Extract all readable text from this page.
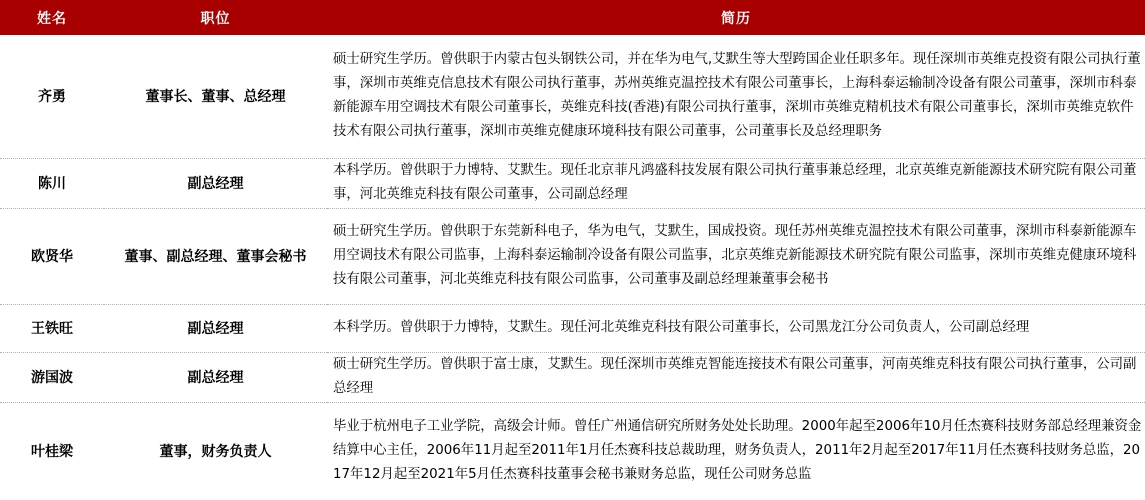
姓名	职位	简历
齐勇	董事长、董事、总经理	硕士研究生学历。曾供职于内蒙古包头钢铁公司，并在华为电气,艾默生等大型跨国企业任职多年。现任深圳市英维克投资有限公司执行董事，深圳市英维克信息技术有限公司执行董事，苏州英维克温控技术有限公司董事长，上海科泰运输制冷设备有限公司董事，深圳市科泰新能源车用空调技术有限公司董事长，英维克科技(香港)有限公司执行董事，深圳市英维克精机技术有限公司董事长，深圳市英维克软件技术有限公司执行董事，深圳市英维克健康环境科技有限公司董事，公司董事长及总经理职务
陈川	副总经理	本科学历。曾供职于力博特、艾默生。现任北京菲凡鸿盛科技发展有限公司执行董事兼总经理，北京英维克新能源技术研究院有限公司董事，河北英维克科技有限公司董事，公司副总经理
欧贤华	董事、副总经理、董事会秘书	硕士研究生学历。曾供职于东莞新科电子，华为电气，艾默生，国成投资。现任苏州英维克温控技术有限公司董事，深圳市科泰新能源车用空调技术有限公司监事，上海科泰运输制冷设备有限公司监事，北京英维克新能源技术研究院有限公司监事，深圳市英维克健康环境科技有限公司董事，河北英维克科技有限公司监事，公司董事及副总经理兼董事会秘书
王铁旺	副总经理	本科学历。曾供职于力博特，艾默生。现任河北英维克科技有限公司董事长，公司黑龙江分公司负责人，公司副总经理
游国波	副总经理	硕士研究生学历。曾供职于富士康，艾默生。现任深圳市英维克智能连接技术有限公司董事，河南英维克科技有限公司执行董事，公司副总经理
叶桂梁	董事，财务负责人	毕业于杭州电子工业学院，高级会计师。曾任广州通信研究所财务处处长助理。2000年起至2006年10月任杰赛科技财务部总经理兼资金结算中心主任，2006年11月起至2011年1月任杰赛科技总裁助理，财务负责人，2011年2月起至2017年11月任杰赛科技财务总监，2017年12月起至2021年5月任杰赛科技董事会秘书兼财务总监，现任公司财务总监
